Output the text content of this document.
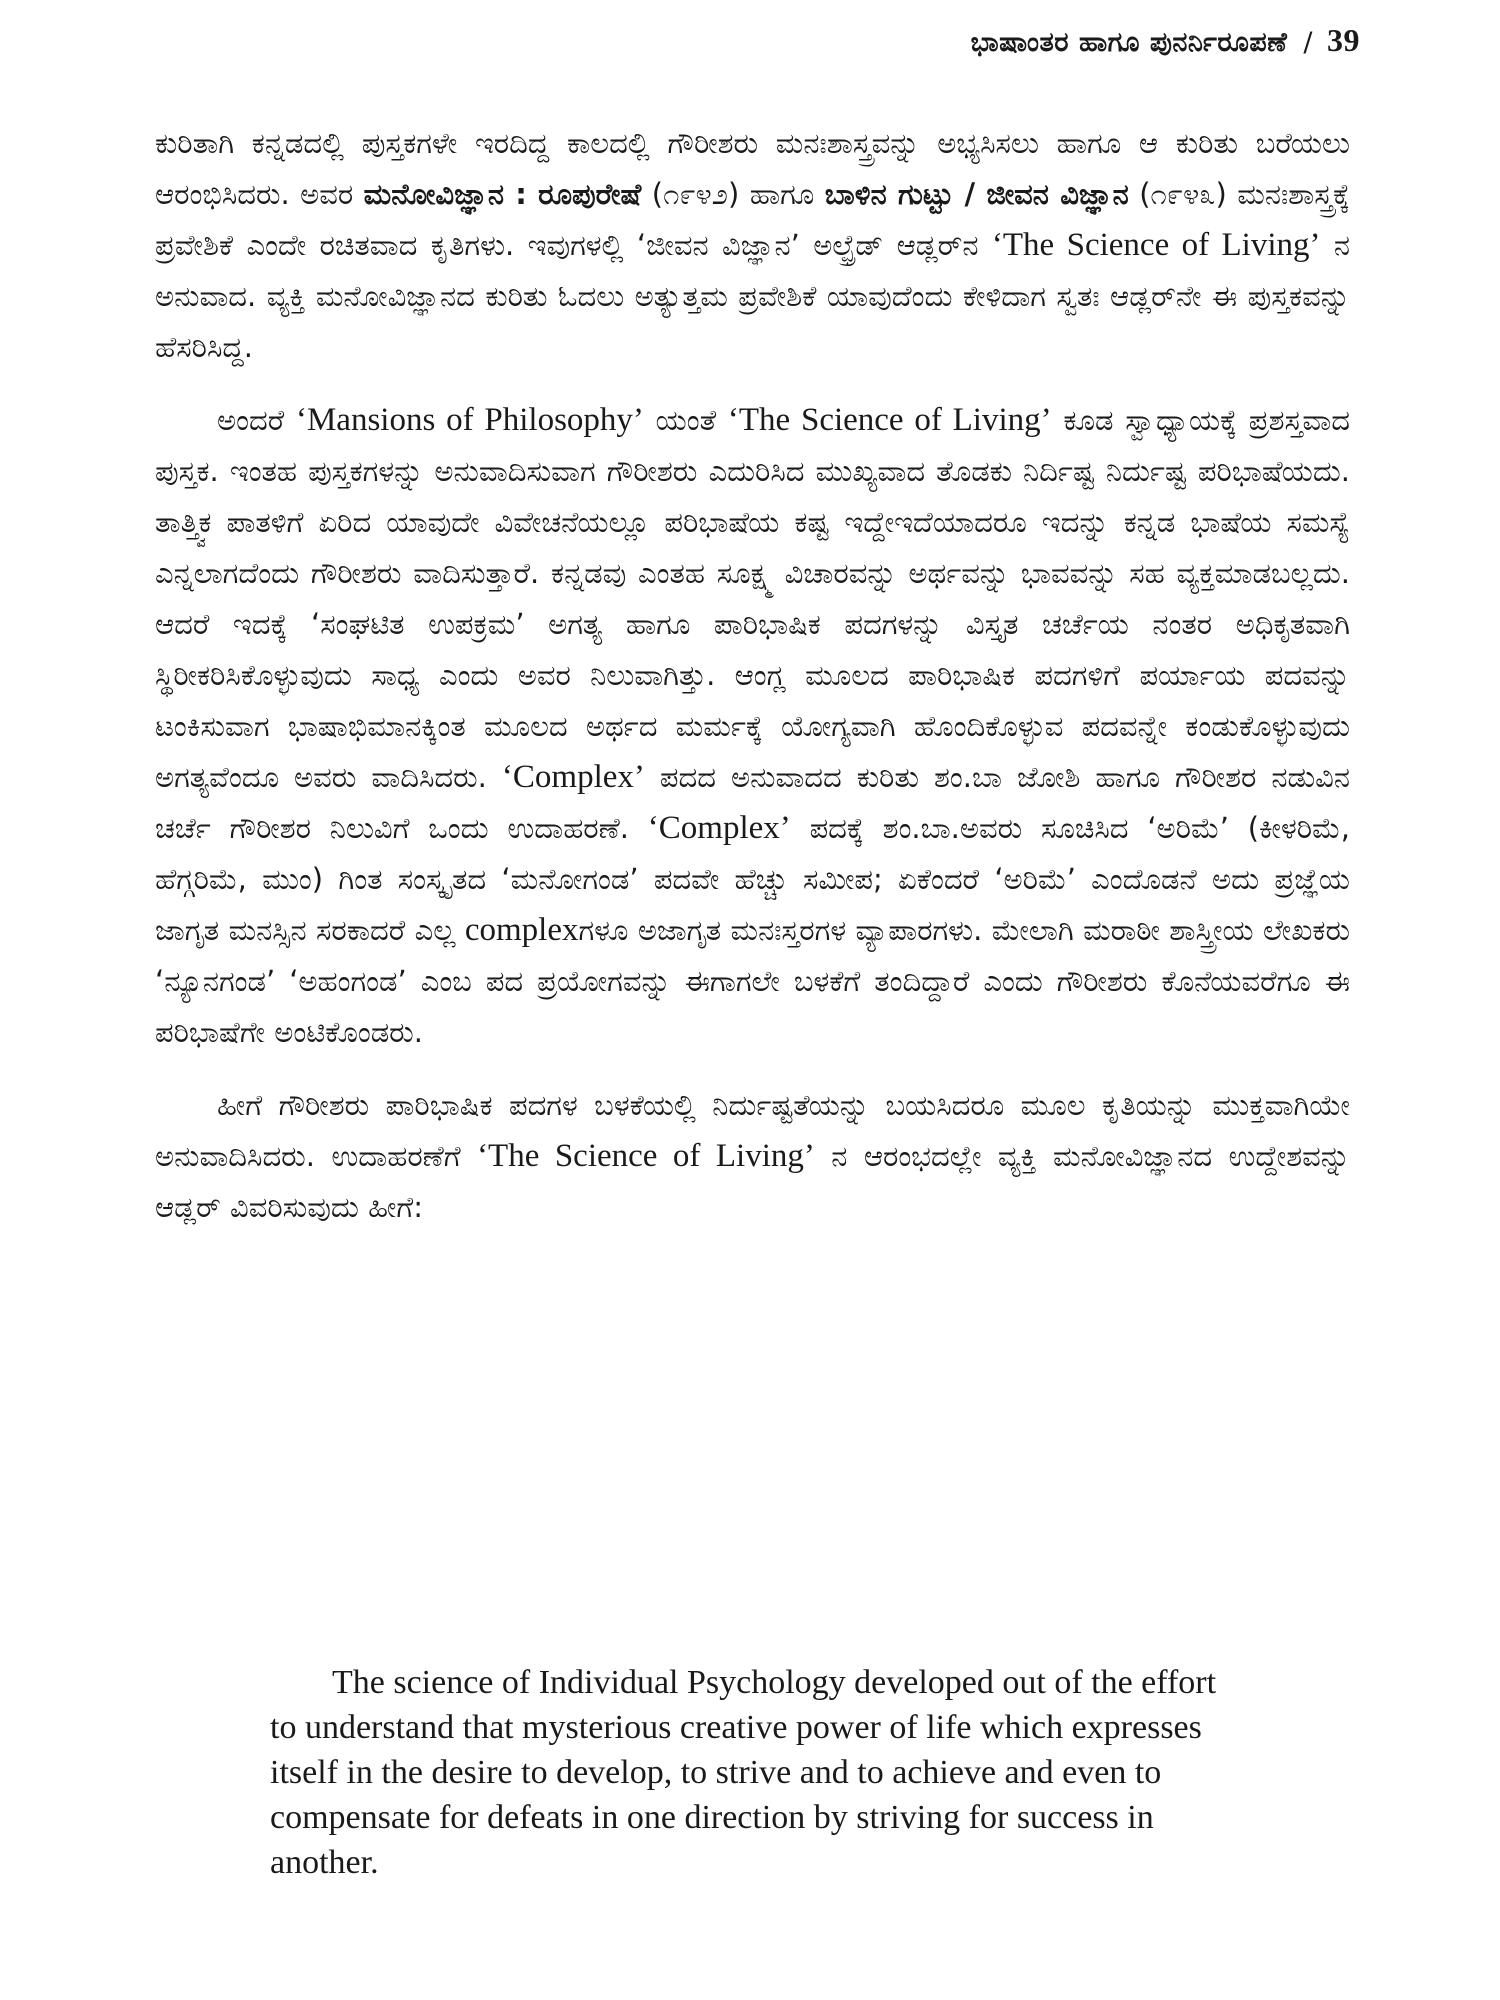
ಭಾಷಾಂತರ ಹಾಗೂ ಪುನರ್ನಿರೂಪಣೆ / 39

ಕುರಿತಾಗಿ ಕನ್ನಡದಲ್ಲಿ ಪುಸ್ತಕಗಳೇ ಇರದಿದ್ದ ಕಾಲದಲ್ಲಿ ಗೌರೀಶರು ಮನಃಶಾಸ್ತ್ರವನ್ನು ಅಭ್ಯಸಿಸಲು ಹಾಗೂ ಆ ಕುರಿತು ಬರೆಯಲು ಆರಂಭಿಸಿದರು. ಅವರ ಮನೋವಿಜ್ಞಾನ : ರೂಪುರೇಷೆ (೧೯೪೨) ಹಾಗೂ ಬಾಳಿನ ಗುಟ್ಟು / ಜೀವನ ವಿಜ್ಞಾನ (೧೯೪೩) ಮನಃಶಾಸ್ತ್ರಕ್ಕೆ ಪ್ರವೇಶಿಕೆ ಎಂದೇ ರಚಿತವಾದ ಕೃತಿಗಳು. ಇವುಗಳಲ್ಲಿ ‘ಜೀವನ ವಿಜ್ಞಾನ’ ಅಲ್ಫ್ರೆಡ್ ಆಡ್ಲರ್‌ನ ‘The Science of Living’ ನ ಅನುವಾದ. ವ್ಯಕ್ತಿ ಮನೋವಿಜ್ಞಾನದ ಕುರಿತು ಓದಲು ಅತ್ಯುತ್ತಮ ಪ್ರವೇಶಿಕೆ ಯಾವುದೆಂದು ಕೇಳಿದಾಗ ಸ್ವತಃ ಆಡ್ಲರ್‌ನೇ ಈ ಪುಸ್ತಕವನ್ನು ಹೆಸರಿಸಿದ್ದ.

ಅಂದರೆ ‘Mansions of Philosophy’ ಯಂತೆ ‘The Science of Living’ ಕೂಡ ಸ್ವಾಧ್ಯಾಯಕ್ಕೆ ಪ್ರಶಸ್ತವಾದ ಪುಸ್ತಕ. ಇಂತಹ ಪುಸ್ತಕಗಳನ್ನು ಅನುವಾದಿಸುವಾಗ ಗೌರೀಶರು ಎದುರಿಸಿದ ಮುಖ್ಯವಾದ ತೊಡಕು ನಿರ್ದಿಷ್ಟ ನಿರ್ದುಷ್ಟ ಪರಿಭಾಷೆಯದು. ತಾತ್ತ್ವಿಕ ಪಾತಳಿಗೆ ಏರಿದ ಯಾವುದೇ ವಿವೇಚನೆಯಲ್ಲೂ ಪರಿಭಾಷೆಯ ಕಷ್ಟ ಇದ್ದೇಇದೆಯಾದರೂ ಇದನ್ನು ಕನ್ನಡ ಭಾಷೆಯ ಸಮಸ್ಯೆ ಎನ್ನಲಾಗದೆಂದು ಗೌರೀಶರು ವಾದಿಸುತ್ತಾರೆ. ಕನ್ನಡವು ಎಂತಹ ಸೂಕ್ಷ್ಮ ವಿಚಾರವನ್ನು ಅರ್ಥವನ್ನು ಭಾವವನ್ನು ಸಹ ವ್ಯಕ್ತಮಾಡಬಲ್ಲದು. ಆದರೆ ಇದಕ್ಕೆ ‘ಸಂಘಟಿತ ಉಪಕ್ರಮ’ ಅಗತ್ಯ ಹಾಗೂ ಪಾರಿಭಾಷಿಕ ಪದಗಳನ್ನು ವಿಸ್ತೃತ ಚರ್ಚೆಯ ನಂತರ ಅಧಿಕೃತವಾಗಿ ಸ್ಥಿರೀಕರಿಸಿಕೊಳ್ಳುವುದು ಸಾಧ್ಯ ಎಂದು ಅವರ ನಿಲುವಾಗಿತ್ತು. ಆಂಗ್ಲ ಮೂಲದ ಪಾರಿಭಾಷಿಕ ಪದಗಳಿಗೆ ಪರ್ಯಾಯ ಪದವನ್ನು ಟಂಕಿಸುವಾಗ ಭಾಷಾಭಿಮಾನಕ್ಕಿಂತ ಮೂಲದ ಅರ್ಥದ ಮರ್ಮಕ್ಕೆ ಯೋಗ್ಯವಾಗಿ ಹೊಂದಿಕೊಳ್ಳುವ ಪದವನ್ನೇ ಕಂಡುಕೊಳ್ಳುವುದು ಅಗತ್ಯವೆಂದೂ ಅವರು ವಾದಿಸಿದರು. ‘Complex’ ಪದದ ಅನುವಾದದ ಕುರಿತು ಶಂ.ಬಾ ಜೋಶಿ ಹಾಗೂ ಗೌರೀಶರ ನಡುವಿನ ಚರ್ಚೆ ಗೌರೀಶರ ನಿಲುವಿಗೆ ಒಂದು ಉದಾಹರಣೆ. ‘Complex’ ಪದಕ್ಕೆ ಶಂ.ಬಾ.ಅವರು ಸೂಚಿಸಿದ ‘ಅರಿಮೆ’ (ಕೀಳರಿಮೆ, ಹೆಗ್ಗರಿಮೆ, ಮುಂ) ಗಿಂತ ಸಂಸ್ಕೃತದ ‘ಮನೋಗಂಡ’ ಪದವೇ ಹೆಚ್ಚು ಸಮೀಪ; ಏಕೆಂದರೆ ‘ಅರಿಮೆ’ ಎಂದೊಡನೆ ಅದು ಪ್ರಜ್ಞೆಯ ಜಾಗೃತ ಮನಸ್ಸಿನ ಸರಕಾದರೆ ಎಲ್ಲ complexಗಳೂ ಅಜಾಗೃತ ಮನಃಸ್ತರಗಳ ವ್ಯಾಪಾರಗಳು. ಮೇಲಾಗಿ ಮರಾಠೀ ಶಾಸ್ತ್ರೀಯ ಲೇಖಕರು ‘ನ್ಯೂನಗಂಡ’ ‘ಅಹಂಗಂಡ’ ಎಂಬ ಪದ ಪ್ರಯೋಗವನ್ನು ಈಗಾಗಲೇ ಬಳಕೆಗೆ ತಂದಿದ್ದಾರೆ ಎಂದು ಗೌರೀಶರು ಕೊನೆಯವರೆಗೂ ಈ ಪರಿಭಾಷೆಗೇ ಅಂಟಿಕೊಂಡರು.

ಹೀಗೆ ಗೌರೀಶರು ಪಾರಿಭಾಷಿಕ ಪದಗಳ ಬಳಕೆಯಲ್ಲಿ ನಿರ್ದುಷ್ಟತೆಯನ್ನು ಬಯಸಿದರೂ ಮೂಲ ಕೃತಿಯನ್ನು ಮುಕ್ತವಾಗಿಯೇ ಅನುವಾದಿಸಿದರು. ಉದಾಹರಣೆಗೆ ‘The Science of Living’ ನ ಆರಂಭದಲ್ಲೇ ವ್ಯಕ್ತಿ ಮನೋವಿಜ್ಞಾನದ ಉದ್ದೇಶವನ್ನು ಆಡ್ಲರ್ ವಿವರಿಸುವುದು ಹೀಗೆ:

The science of Individual Psychology developed out of the effort to understand that mysterious creative power of life which expresses itself in the desire to develop, to strive and to achieve and even to compensate for defeats in one direction by striving for success in another.
